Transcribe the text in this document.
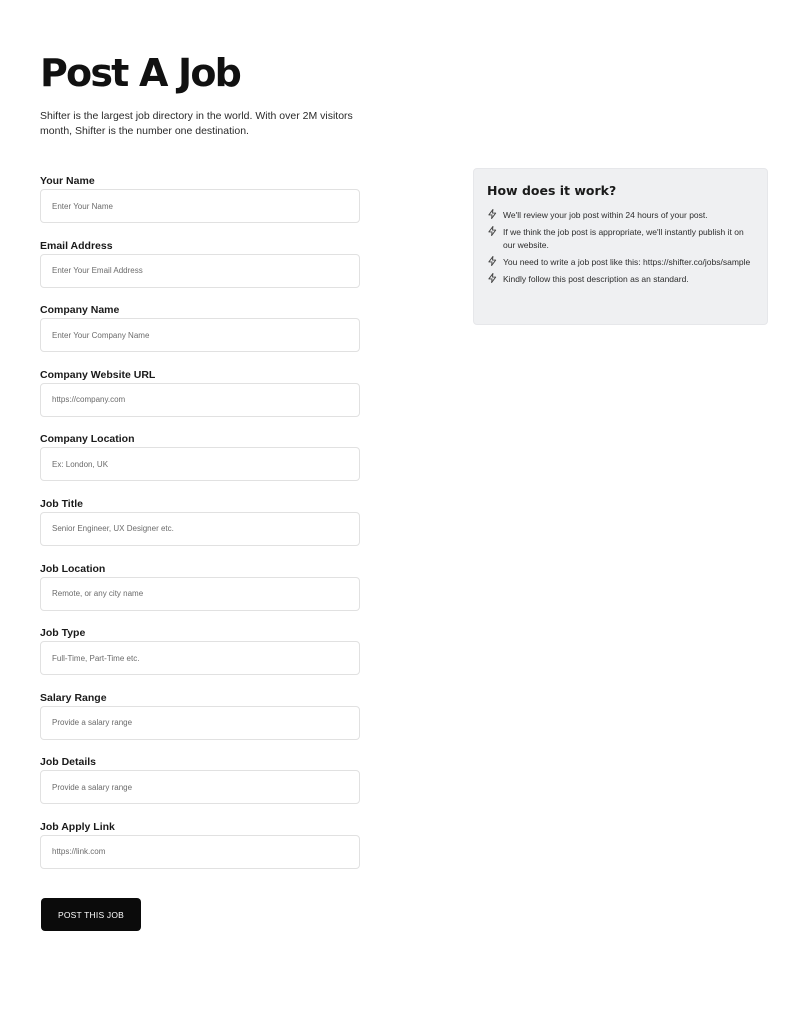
Post A Job

Shifter is the largest job directory in the world. With over 2M visitors month, Shifter is the number one destination.

Your Name
Enter Your Name
Email Address
Enter Your Email Address
Company Name
Enter Your Company Name
Company Website URL
https://company.com
Company Location
Ex: London, UK
Job Title
Senior Engineer, UX Designer etc.
Job Location
Remote, or any city name
Job Type
Full-Time, Part-Time etc.
Salary Range
Provide a salary range
Job Details
Provide a salary range
Job Apply Link
https://link.com
POST THIS JOB
How does it work?
We'll review your job post within 24 hours of your post.
If we think the job post is appropriate, we'll instantly publish it on our website.
You need to write a job post like this: https://shifter.co/jobs/sample
Kindly follow this post description as an standard.
